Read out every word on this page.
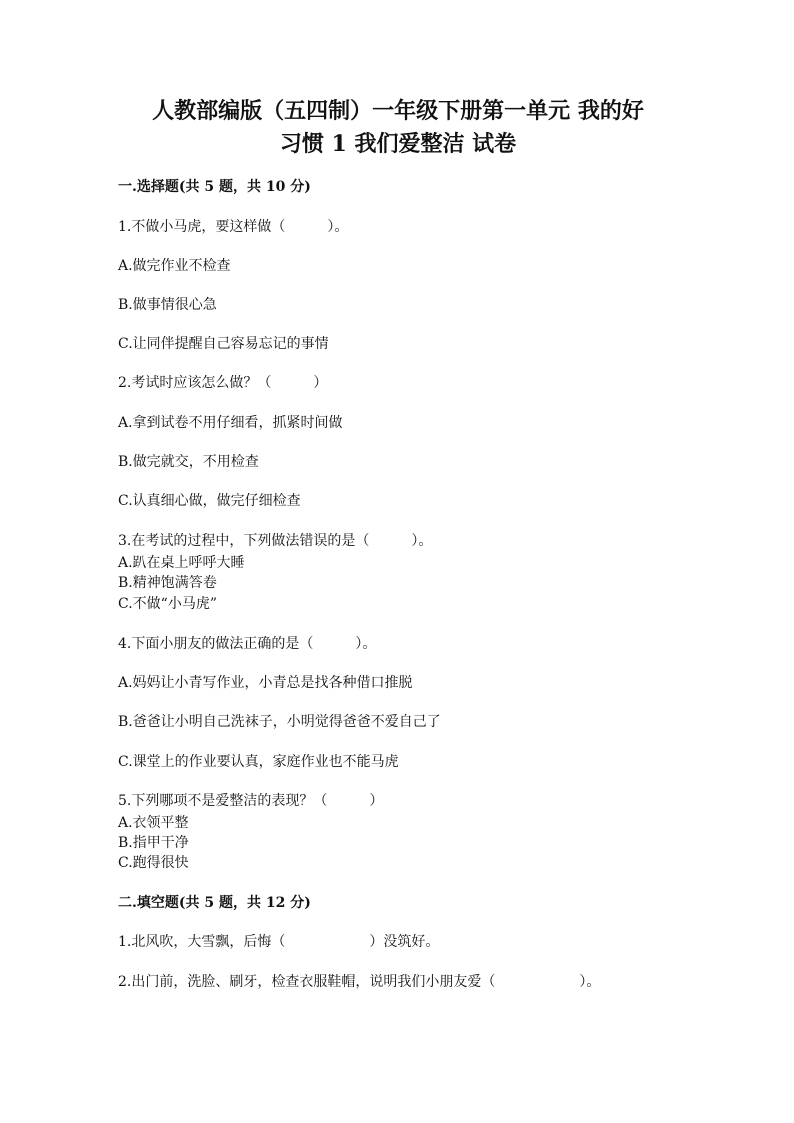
人教部编版（五四制）一年级下册第一单元 我的好
习惯 1 我们爱整洁 试卷
一.选择题(共 5 题，共 10 分)
1.不做小马虎，要这样做（　　　）。
A.做完作业不检查
B.做事情很心急
C.让同伴提醒自己容易忘记的事情
2.考试时应该怎么做？（　　　）
A.拿到试卷不用仔细看，抓紧时间做
B.做完就交，不用检查
C.认真细心做，做完仔细检查
3.在考试的过程中，下列做法错误的是（　　　）。
A.趴在桌上呼呼大睡
B.精神饱满答卷
C.不做“小马虎”
4.下面小朋友的做法正确的是（　　　）。
A.妈妈让小青写作业，小青总是找各种借口推脱
B.爸爸让小明自己洗袜子，小明觉得爸爸不爱自己了
C.课堂上的作业要认真，家庭作业也不能马虎
5.下列哪项不是爱整洁的表现？（　　　）
A.衣领平整
B.指甲干净
C.跑得很快
二.填空题(共 5 题，共 12 分)
1.北风吹，大雪飘，后悔（　　　　　　）没筑好。
2.出门前，洗脸、刷牙，检查衣服鞋帽，说明我们小朋友爱（　　　　　　）。
